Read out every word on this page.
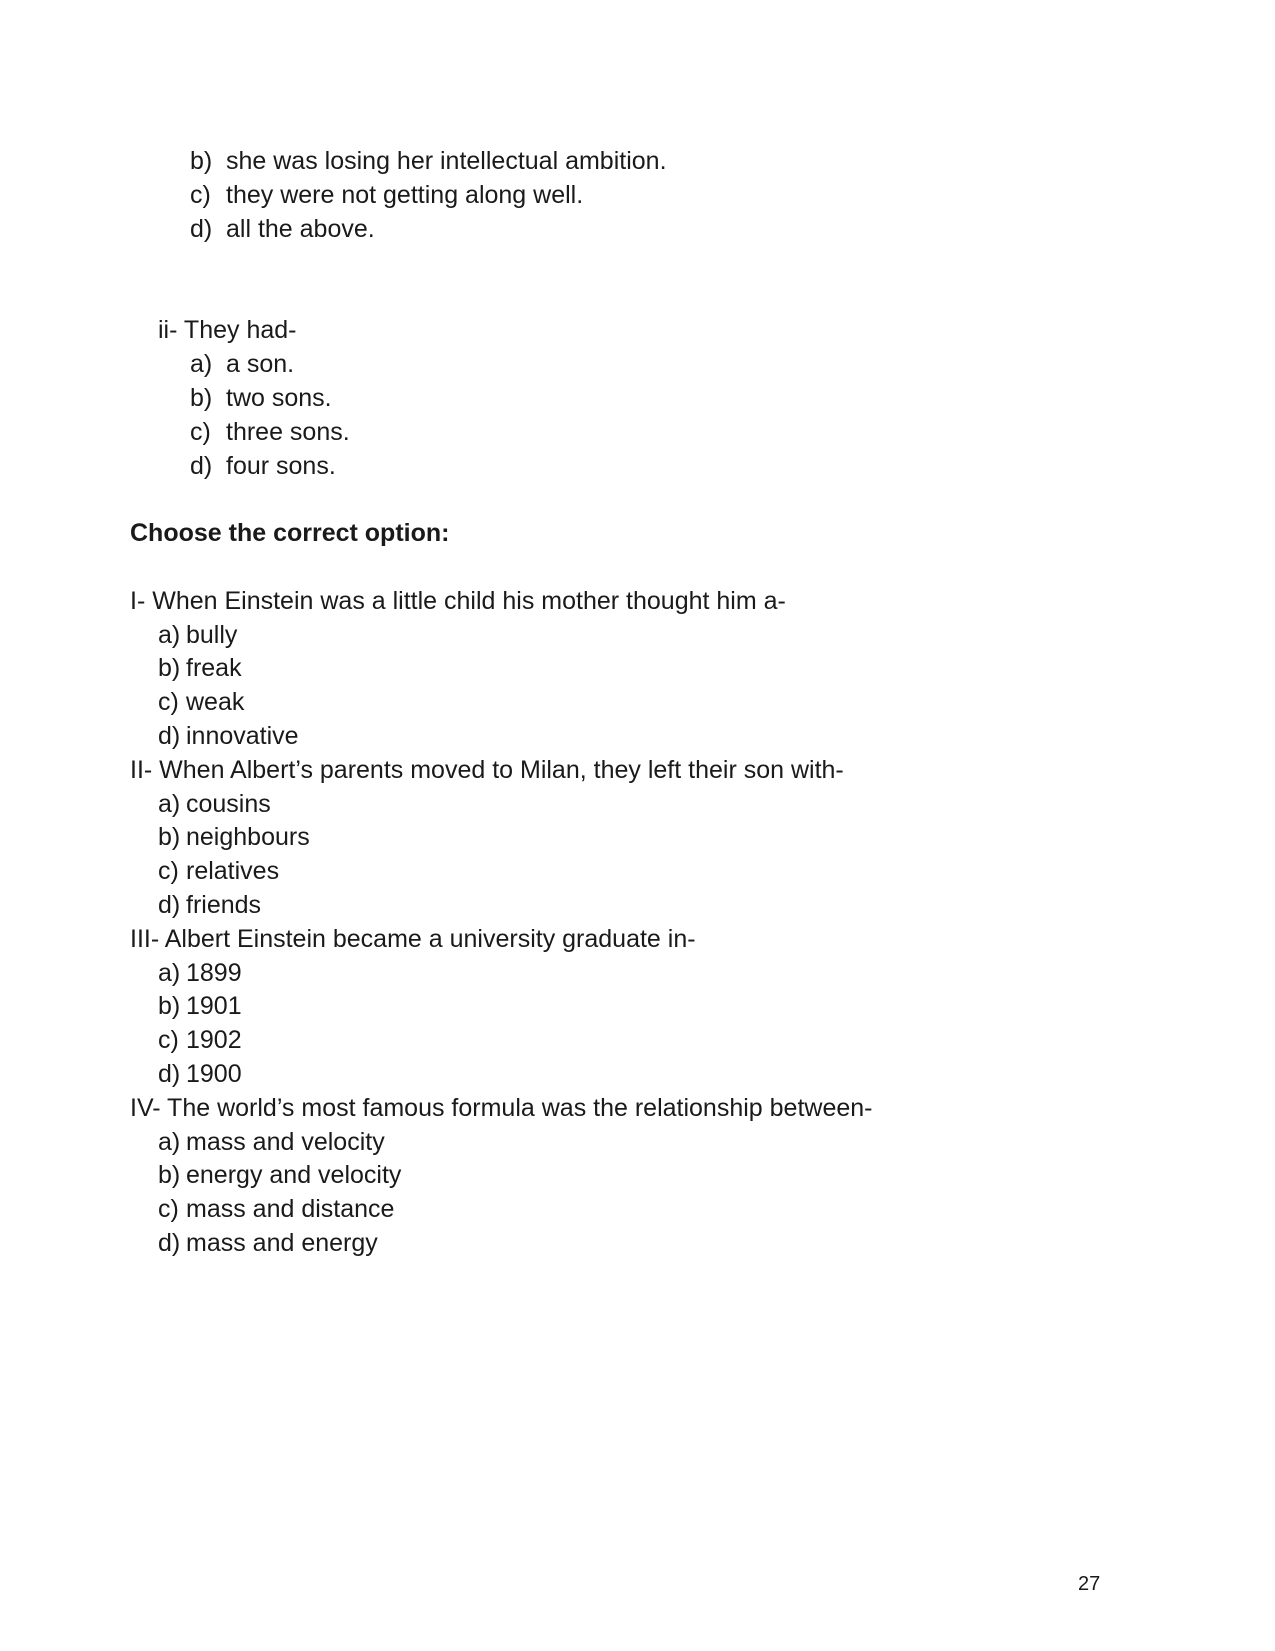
b) she was losing her intellectual ambition.
c) they were not getting along well.
d) all the above.
ii- They had-
a) a son.
b) two sons.
c) three sons.
d) four sons.
Choose the correct option:
I- When Einstein was a little child his mother thought him a-
a) bully
b) freak
c) weak
d) innovative
II- When Albert’s parents moved to Milan, they left their son with-
a) cousins
b) neighbours
c) relatives
d) friends
III- Albert Einstein became a university graduate in-
a) 1899
b) 1901
c) 1902
d) 1900
IV- The world’s most famous formula was the relationship between-
a) mass and velocity
b) energy and velocity
c) mass and distance
d) mass and energy
27
